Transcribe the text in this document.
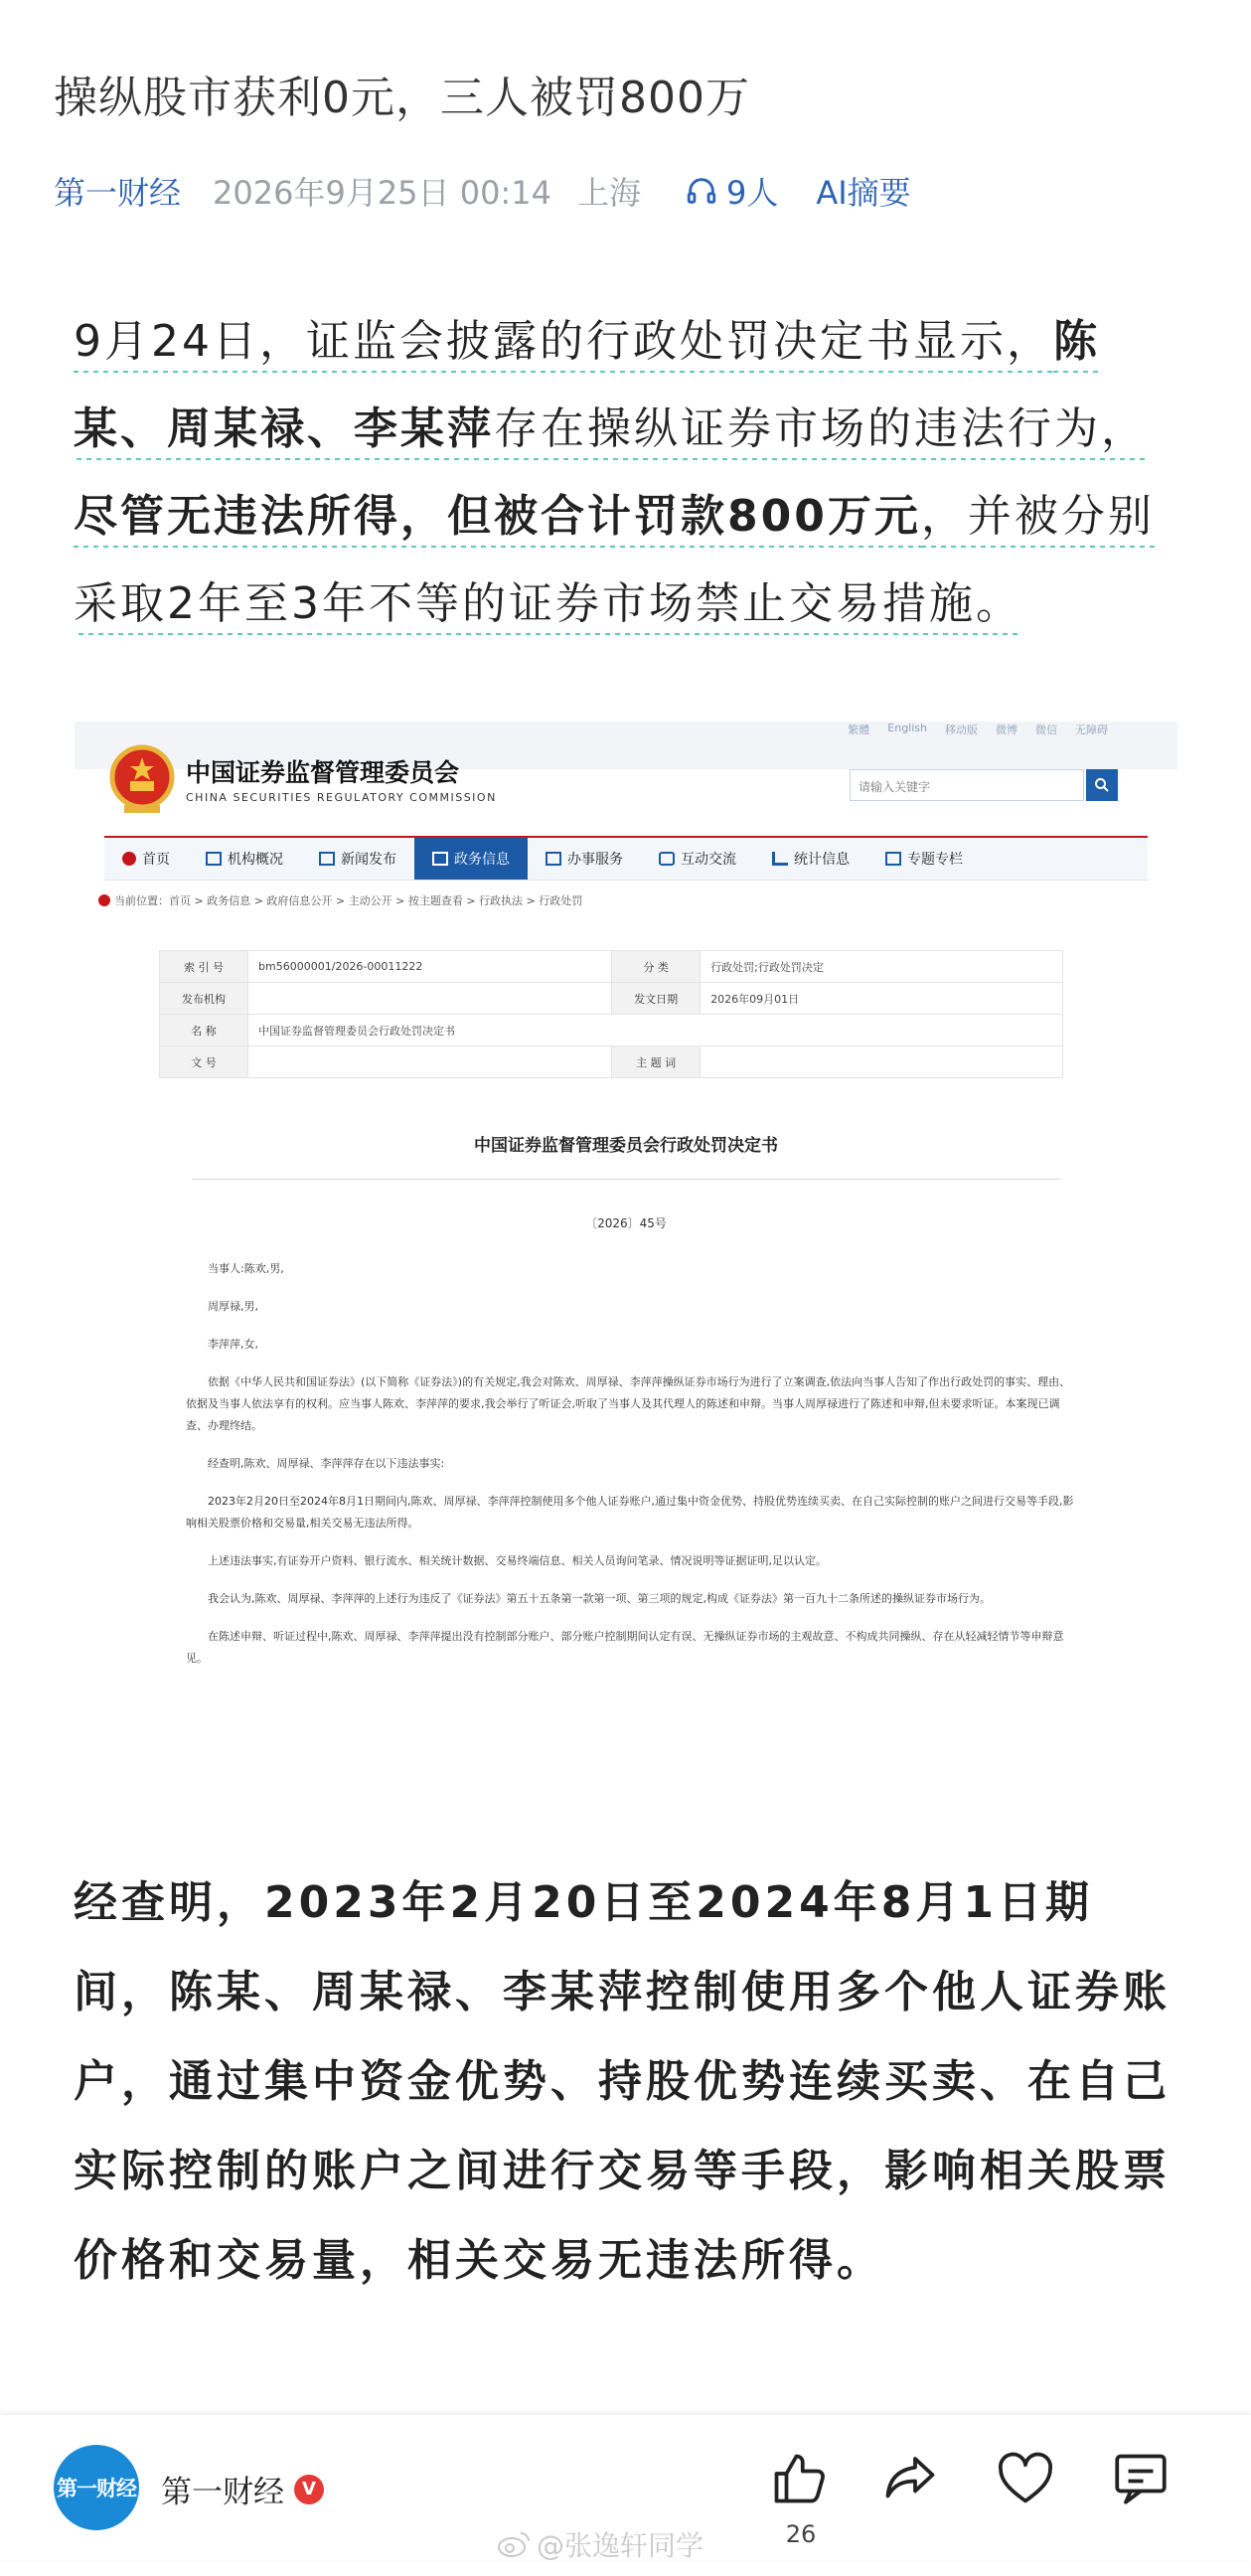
操纵股市获利0元，三人被罚800万
第一财经 2026年9月25日 00:14 上海	9人 AI摘要
9月24日，证监会披露的行政处罚决定书显示，陈某、周某禄、李某萍存在操纵证券市场的违法行为，尽管无违法所得，但被合计罚款800万元，并被分别采取2年至3年不等的证券市场禁止交易措施。
繁體 English 移动版 微博 微信 无障碍
中国证券监督管理委员会
CHINA SECURITIES REGULATORY COMMISSION
请输入关键字
首页	机构概况	新闻发布	政务信息	办事服务	互动交流	统计信息	专题专栏
当前位置：首页 > 政务信息 > 政府信息公开 > 主动公开 > 按主题查看 > 行政执法 > 行政处罚
索 引 号	bm56000001/2026-00011222	分 类	行政处罚;行政处罚决定
发布机构		发文日期	2026年09月01日
名 称	中国证券监督管理委员会行政处罚决定书		
文 号		主 题 词	
中国证券监督管理委员会行政处罚决定书
〔2026〕45号

当事人:陈欢,男,

周厚禄,男,

李萍萍,女,

依据《中华人民共和国证券法》(以下简称《证券法》)的有关规定,我会对陈欢、周厚禄、李萍萍操纵证券市场行为进行了立案调查,依法向当事人告知了作出行政处罚的事实、理由、依据及当事人依法享有的权利。应当事人陈欢、李萍萍的要求,我会举行了听证会,听取了当事人及其代理人的陈述和申辩。当事人周厚禄进行了陈述和申辩,但未要求听证。本案现已调查、办理终结。

经查明,陈欢、周厚禄、李萍萍存在以下违法事实:

2023年2月20日至2024年8月1日期间内,陈欢、周厚禄、李萍萍控制使用多个他人证券账户,通过集中资金优势、持股优势连续买卖、在自己实际控制的账户之间进行交易等手段,影响相关股票价格和交易量,相关交易无违法所得。

上述违法事实,有证券开户资料、银行流水、相关统计数据、交易终端信息、相关人员询问笔录、情况说明等证据证明,足以认定。

我会认为,陈欢、周厚禄、李萍萍的上述行为违反了《证券法》第五十五条第一款第一项、第三项的规定,构成《证券法》第一百九十二条所述的操纵证券市场行为。

在陈述申辩、听证过程中,陈欢、周厚禄、李萍萍提出没有控制部分账户、部分账户控制期间认定有误、无操纵证券市场的主观故意、不构成共同操纵、存在从轻减轻情节等申辩意见。

经查明，2023年2月20日至2024年8月1日期间，陈某、周某禄、李某萍控制使用多个他人证券账户，通过集中资金优势、持股优势连续买卖、在自己实际控制的账户之间进行交易等手段，影响相关股票价格和交易量，相关交易无违法所得。
第一财经 第一财经	V
@张逸轩同学	26
